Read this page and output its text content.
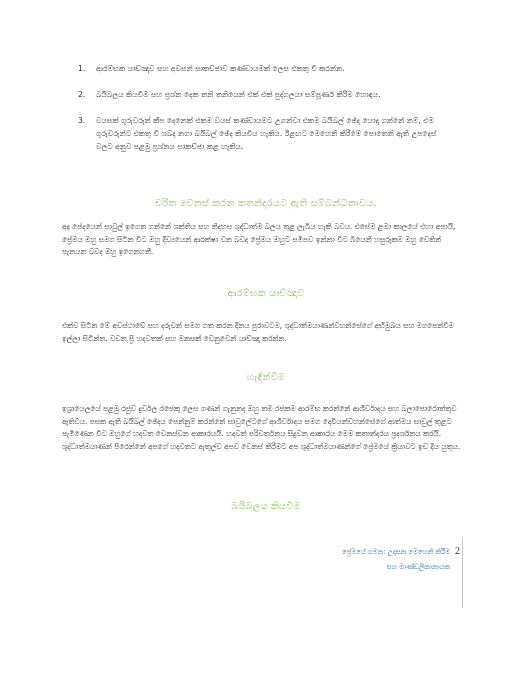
1. ආරම්භක යාච්ඤාව සහ අවසන් සාකච්ඡාව කණ්ඩායමක් ලෙස එකතු වී කරන්න.
2. බයිබලය කියවීම සහ ප්‍රශ්න දෙක තනි තනියෙන් එක් එක් පුද්ගලයා සම්පූර්ණ කිරීම හොඳය.
3. වයසක් ගුරුවරුන් කීප දෙනෙක් එකම වයස් කණ්ඩායමට උගන්වා එකම බයිබල් ඡේද යොදා ගන්නේ නම්, එම ගුරුවරුන්ට එකතු වී ශබ්ද නගා බයිබල් ඡේද කියවිය හැකිය. ඊළඟට මෙහෙනි කිරීමේ පොතෙනි ඇති උපදෙස් වලට අනුව පළමු ප්‍රශ්නය සාකච්ඡා කළ හැකිය.
චරිත වෙනස් කරන කතන්දරයට ඇති සම්බන්ධතාවය.

අද පේදයෙන් සාවුල් ඉගෙන ගන්නේ ශක්තිය සහ නිදහස ශුද්ධාත්ම බලය තුළ ලැබිය හැකි බවය. එසේම ළමා කාලයේ එහා අපායි, ප්‍රේමය ඔහු සමග සිටින විට ඔහු දිව්‍යයෙන් ආරක්ෂා වන බවද ප්‍රේමය ඔහුට සමීපව ඉන්නා විට බියෙනි හසුරුකම ඔහු වෙතින් පැනයන බවද ඔහු ඉගෙනගනී.

ආරම්භක යාච්ඤාව

එක්ව සිටින මේ අවස්ථාවේ සහ දරුවන් සමග ගත කරන දිනය පුරාවටම, ශුද්ධාත්මයාණන්වහන්සේගේ අභිමුඛය සහ මගපෙන්වීම ඉල්ලා සිටින්න. වචන ප්‍රි හදවතක් සහ මනසක් වෙනුවෙන් යාච්ඤා කරන්න.

හැඳින්වීම

ඉශ්‍රායෙලයේ පළමු රජුව දුර්වල රජෙකු ලෙස ගණන් ගැනුනද ඔහු තම රජකම ආරම්භ කරන්නේ ආශීර්වාදය සහ බලාපොරොත්තුව ඇතිවය. පසක ඇති බයිබල් ඡේදය පෙන්නුම් කරන්නේ සාවුලේටගේ ආශීර්වාදය සමග දෙවියන්වහන්සේගේ ආත්මය සාවුල් තුළට පැමිණෙන විට ඔහුගේ හදවත වෙනස්වන ආකාරයයි. හදවත් පරිවර්තනය සිදුවන ආකාරය මෙම කතාන්දරය ප්‍රදර්ශනය කරයි. ශුද්ධාත්මයාණන් පිරෙන්නේ අපගේ හදවතට ඇතුල්ව අපව වෙනස් කිරීමට අප ශුද්ධාත්මයාණන්ගේ ප්‍රේමයේ ක්‍රියාවට ඉඩ දිය යුතුය.

බයිබලය කියවීම

ප්‍රේමයේ ගමන: උදාසන මෙහෙනි කිරීම
සහ මාණ්ඩලිකානායක
2
